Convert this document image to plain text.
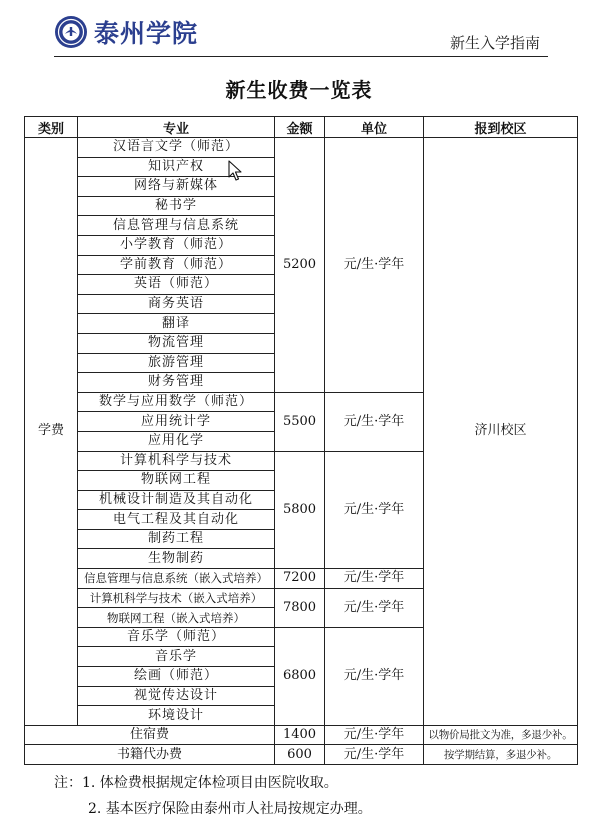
泰州学院	新生入学指南
新生收费一览表
类别	专业	金额	单位	报到校区
学费	汉语言文学（师范）	5200	元/生·学年	济川校区
	知识产权			
	网络与新媒体			
	秘书学			
	信息管理与信息系统			
	小学教育（师范）			
	学前教育（师范）			
	英语（师范）			
	商务英语			
	翻译			
	物流管理			
	旅游管理			
	财务管理			
	数学与应用数学（师范）	5500	元/生·学年	
	应用统计学			
	应用化学			
	计算机科学与技术	5800	元/生·学年	
	物联网工程			
	机械设计制造及其自动化			
	电气工程及其自动化			
	制药工程			
	生物制药			
	信息管理与信息系统（嵌入式培养）	7200	元/生·学年	
	计算机科学与技术（嵌入式培养）	7800	元/生·学年	
	物联网工程（嵌入式培养）			
	音乐学（师范）	6800	元/生·学年	
	音乐学			
	绘画（师范）			
	视觉传达设计			
	环境设计			
住宿费		1400	元/生·学年	以物价局批文为准，多退少补。
书籍代办费		600	元/生·学年	按学期结算，多退少补。
注：1. 体检费根据规定体检项目由医院收取。
2. 基本医疗保险由泰州市人社局按规定办理。
